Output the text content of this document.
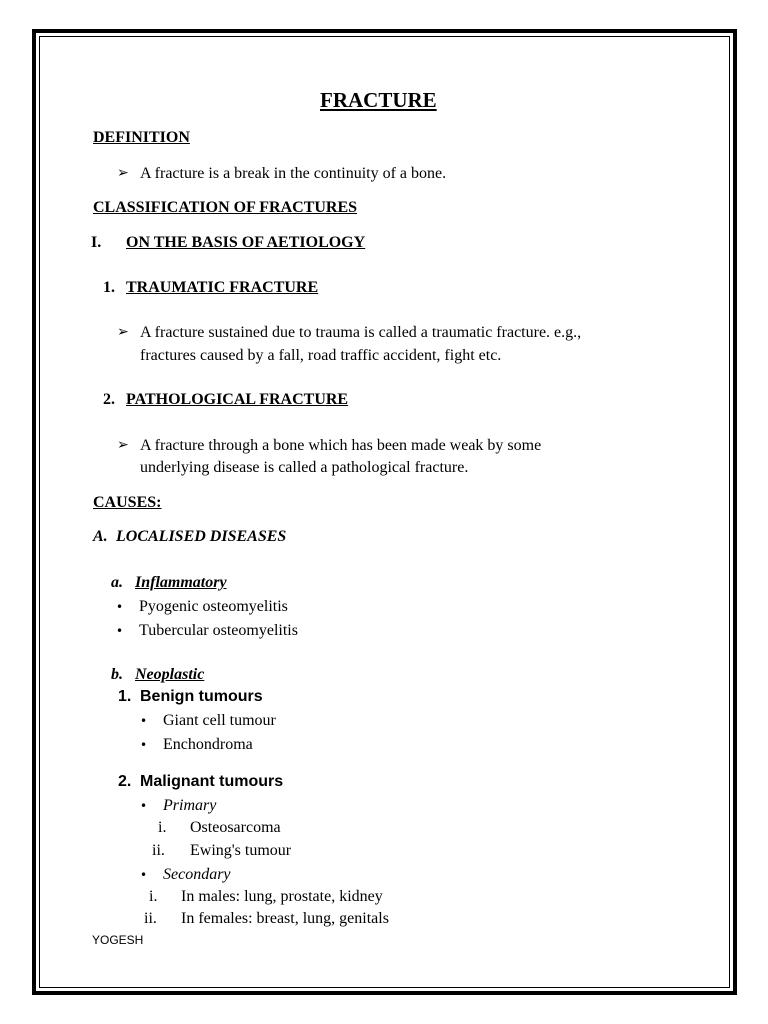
FRACTURE
DEFINITION
➢ A fracture is a break in the continuity of a bone.
CLASSIFICATION OF FRACTURES
I. ON THE BASIS OF AETIOLOGY
1. TRAUMATIC FRACTURE
➢ A fracture sustained due to trauma is called a traumatic fracture. e.g.,
fractures caused by a fall, road traffic accident, fight etc.
2. PATHOLOGICAL FRACTURE
➢ A fracture through a bone which has been made weak by some
underlying disease is called a pathological fracture.
CAUSES:
A. LOCALISED DISEASES
a. Inflammatory
• Pyogenic osteomyelitis
• Tubercular osteomyelitis
b. Neoplastic
1. Benign tumours
• Giant cell tumour
• Enchondroma
2. Malignant tumours
• Primary
i. Osteosarcoma
ii. Ewing's tumour
• Secondary
i. In males: lung, prostate, kidney
ii. In females: breast, lung, genitals
YOGESH
